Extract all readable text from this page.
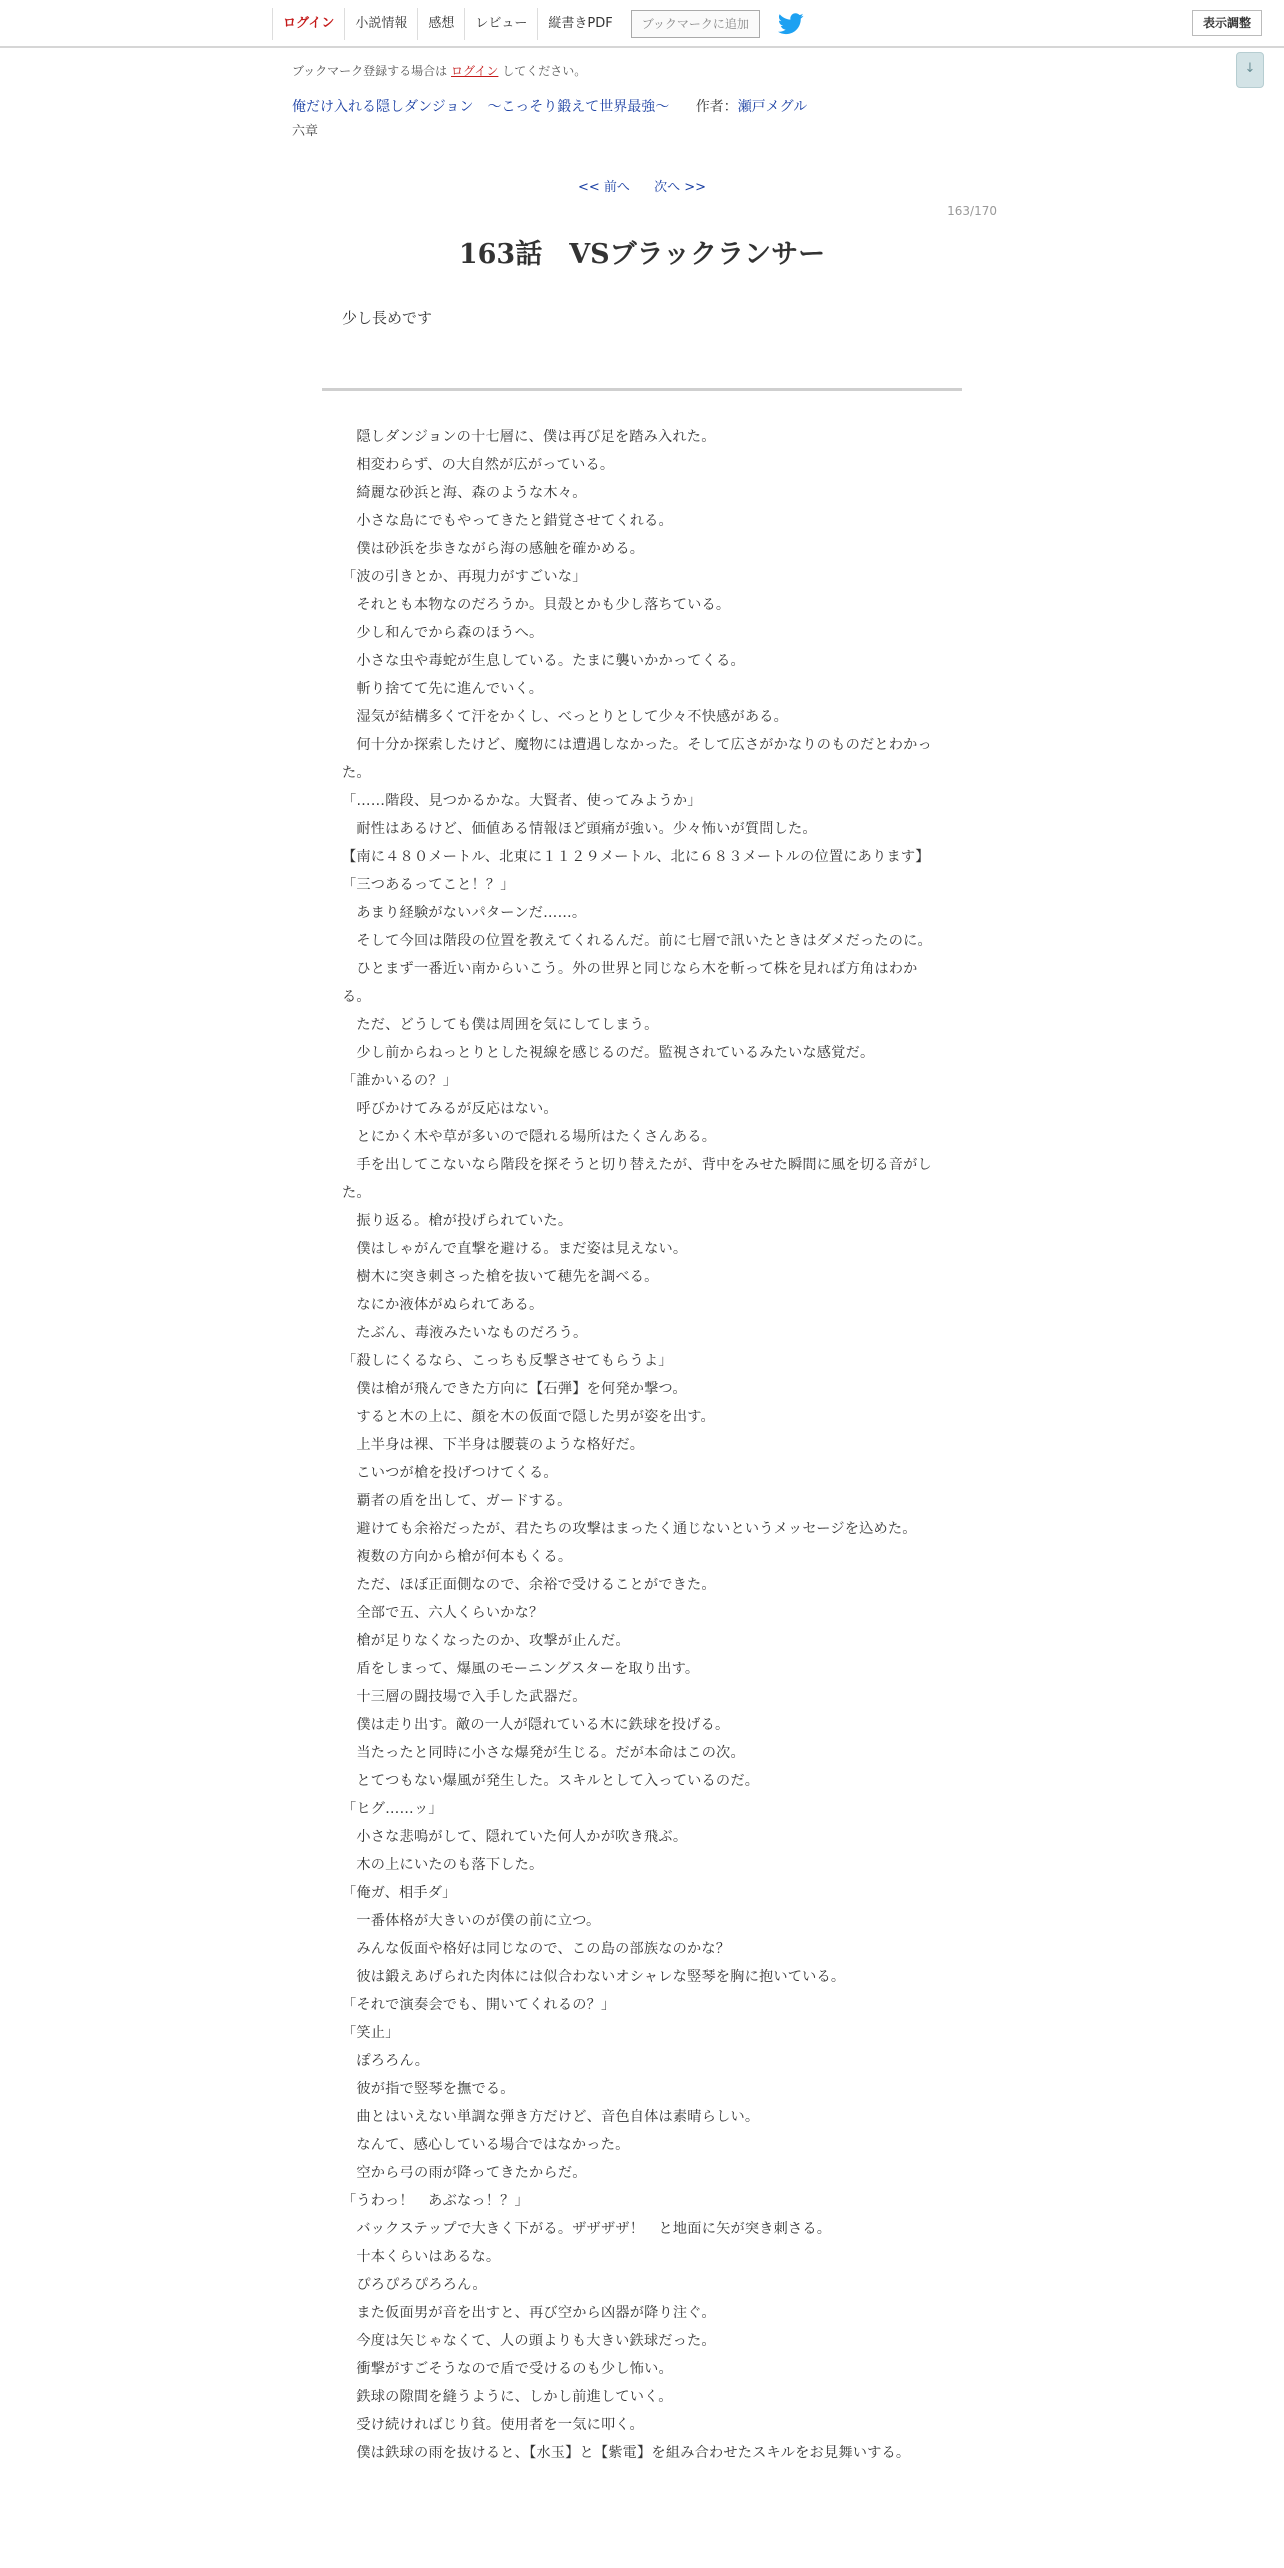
ログイン	小説情報	感想	レビュー	縦書きPDF	ブックマークに追加	表示調整
↓
ブックマーク登録する場合は ログイン してください。
俺だけ入れる隠しダンジョン　〜こっそり鍛えて世界最強〜 作者：瀬戸メグル
六章
<< 前へ 次へ >>
163/170
163話　VSブラックランサー
少し長めです

　隠しダンジョンの十七層に、僕は再び足を踏み入れた。

　相変わらず、の大自然が広がっている。

　綺麗な砂浜と海、森のような木々。

　小さな島にでもやってきたと錯覚させてくれる。

　僕は砂浜を歩きながら海の感触を確かめる。

「波の引きとか、再現力がすごいな」

　それとも本物なのだろうか。貝殻とかも少し落ちている。

　少し和んでから森のほうへ。

　小さな虫や毒蛇が生息している。たまに襲いかかってくる。

　斬り捨てて先に進んでいく。

　湿気が結構多くて汗をかくし、べっとりとして少々不快感がある。

　何十分か探索したけど、魔物には遭遇しなかった。そして広さがかなりのものだとわかった。

「……階段、見つかるかな。大賢者、使ってみようか」

　耐性はあるけど、価値ある情報ほど頭痛が強い。少々怖いが質問した。

【南に４８０メートル、北東に１１２９メートル、北に６８３メートルの位置にあります】

「三つあるってこと！？」

　あまり経験がないパターンだ……。

　そして今回は階段の位置を教えてくれるんだ。前に七層で訊いたときはダメだったのに。

　ひとまず一番近い南からいこう。外の世界と同じなら木を斬って株を見れば方角はわかる。

　ただ、どうしても僕は周囲を気にしてしまう。

　少し前からねっとりとした視線を感じるのだ。監視されているみたいな感覚だ。

「誰かいるの？」

　呼びかけてみるが反応はない。

　とにかく木や草が多いので隠れる場所はたくさんある。

　手を出してこないなら階段を探そうと切り替えたが、背中をみせた瞬間に風を切る音がした。

　振り返る。槍が投げられていた。

　僕はしゃがんで直撃を避ける。まだ姿は見えない。

　樹木に突き刺さった槍を抜いて穂先を調べる。

　なにか液体がぬられてある。

　たぶん、毒液みたいなものだろう。

「殺しにくるなら、こっちも反撃させてもらうよ」

　僕は槍が飛んできた方向に【石弾】を何発か撃つ。

　すると木の上に、顔を木の仮面で隠した男が姿を出す。

　上半身は裸、下半身は腰蓑のような格好だ。

　こいつが槍を投げつけてくる。

　覇者の盾を出して、ガードする。

　避けても余裕だったが、君たちの攻撃はまったく通じないというメッセージを込めた。

　複数の方向から槍が何本もくる。

　ただ、ほぼ正面側なので、余裕で受けることができた。

　全部で五、六人くらいかな？

　槍が足りなくなったのか、攻撃が止んだ。

　盾をしまって、爆風のモーニングスターを取り出す。

　十三層の闘技場で入手した武器だ。

　僕は走り出す。敵の一人が隠れている木に鉄球を投げる。

　当たったと同時に小さな爆発が生じる。だが本命はこの次。

　とてつもない爆風が発生した。スキルとして入っているのだ。

「ヒグ……ッ」

　小さな悲鳴がして、隠れていた何人かが吹き飛ぶ。

　木の上にいたのも落下した。

「俺ガ、相手ダ」

　一番体格が大きいのが僕の前に立つ。

　みんな仮面や格好は同じなので、この島の部族なのかな？

　彼は鍛えあげられた肉体には似合わないオシャレな竪琴を胸に抱いている。

「それで演奏会でも、開いてくれるの？」

「笑止」

　ぽろろん。

　彼が指で竪琴を撫でる。

　曲とはいえない単調な弾き方だけど、音色自体は素晴らしい。

　なんて、感心している場合ではなかった。

　空から弓の雨が降ってきたからだ。

「うわっ！　あぶなっ！？」

　バックステップで大きく下がる。ザザザザ！　と地面に矢が突き刺さる。

　十本くらいはあるな。

　ぴろぴろぴろろん。

　また仮面男が音を出すと、再び空から凶器が降り注ぐ。

　今度は矢じゃなくて、人の頭よりも大きい鉄球だった。

　衝撃がすごそうなので盾で受けるのも少し怖い。

　鉄球の隙間を縫うように、しかし前進していく。

　受け続ければじり貧。使用者を一気に叩く。

　僕は鉄球の雨を抜けると、【水玉】と【紫電】を組み合わせたスキルをお見舞いする。
